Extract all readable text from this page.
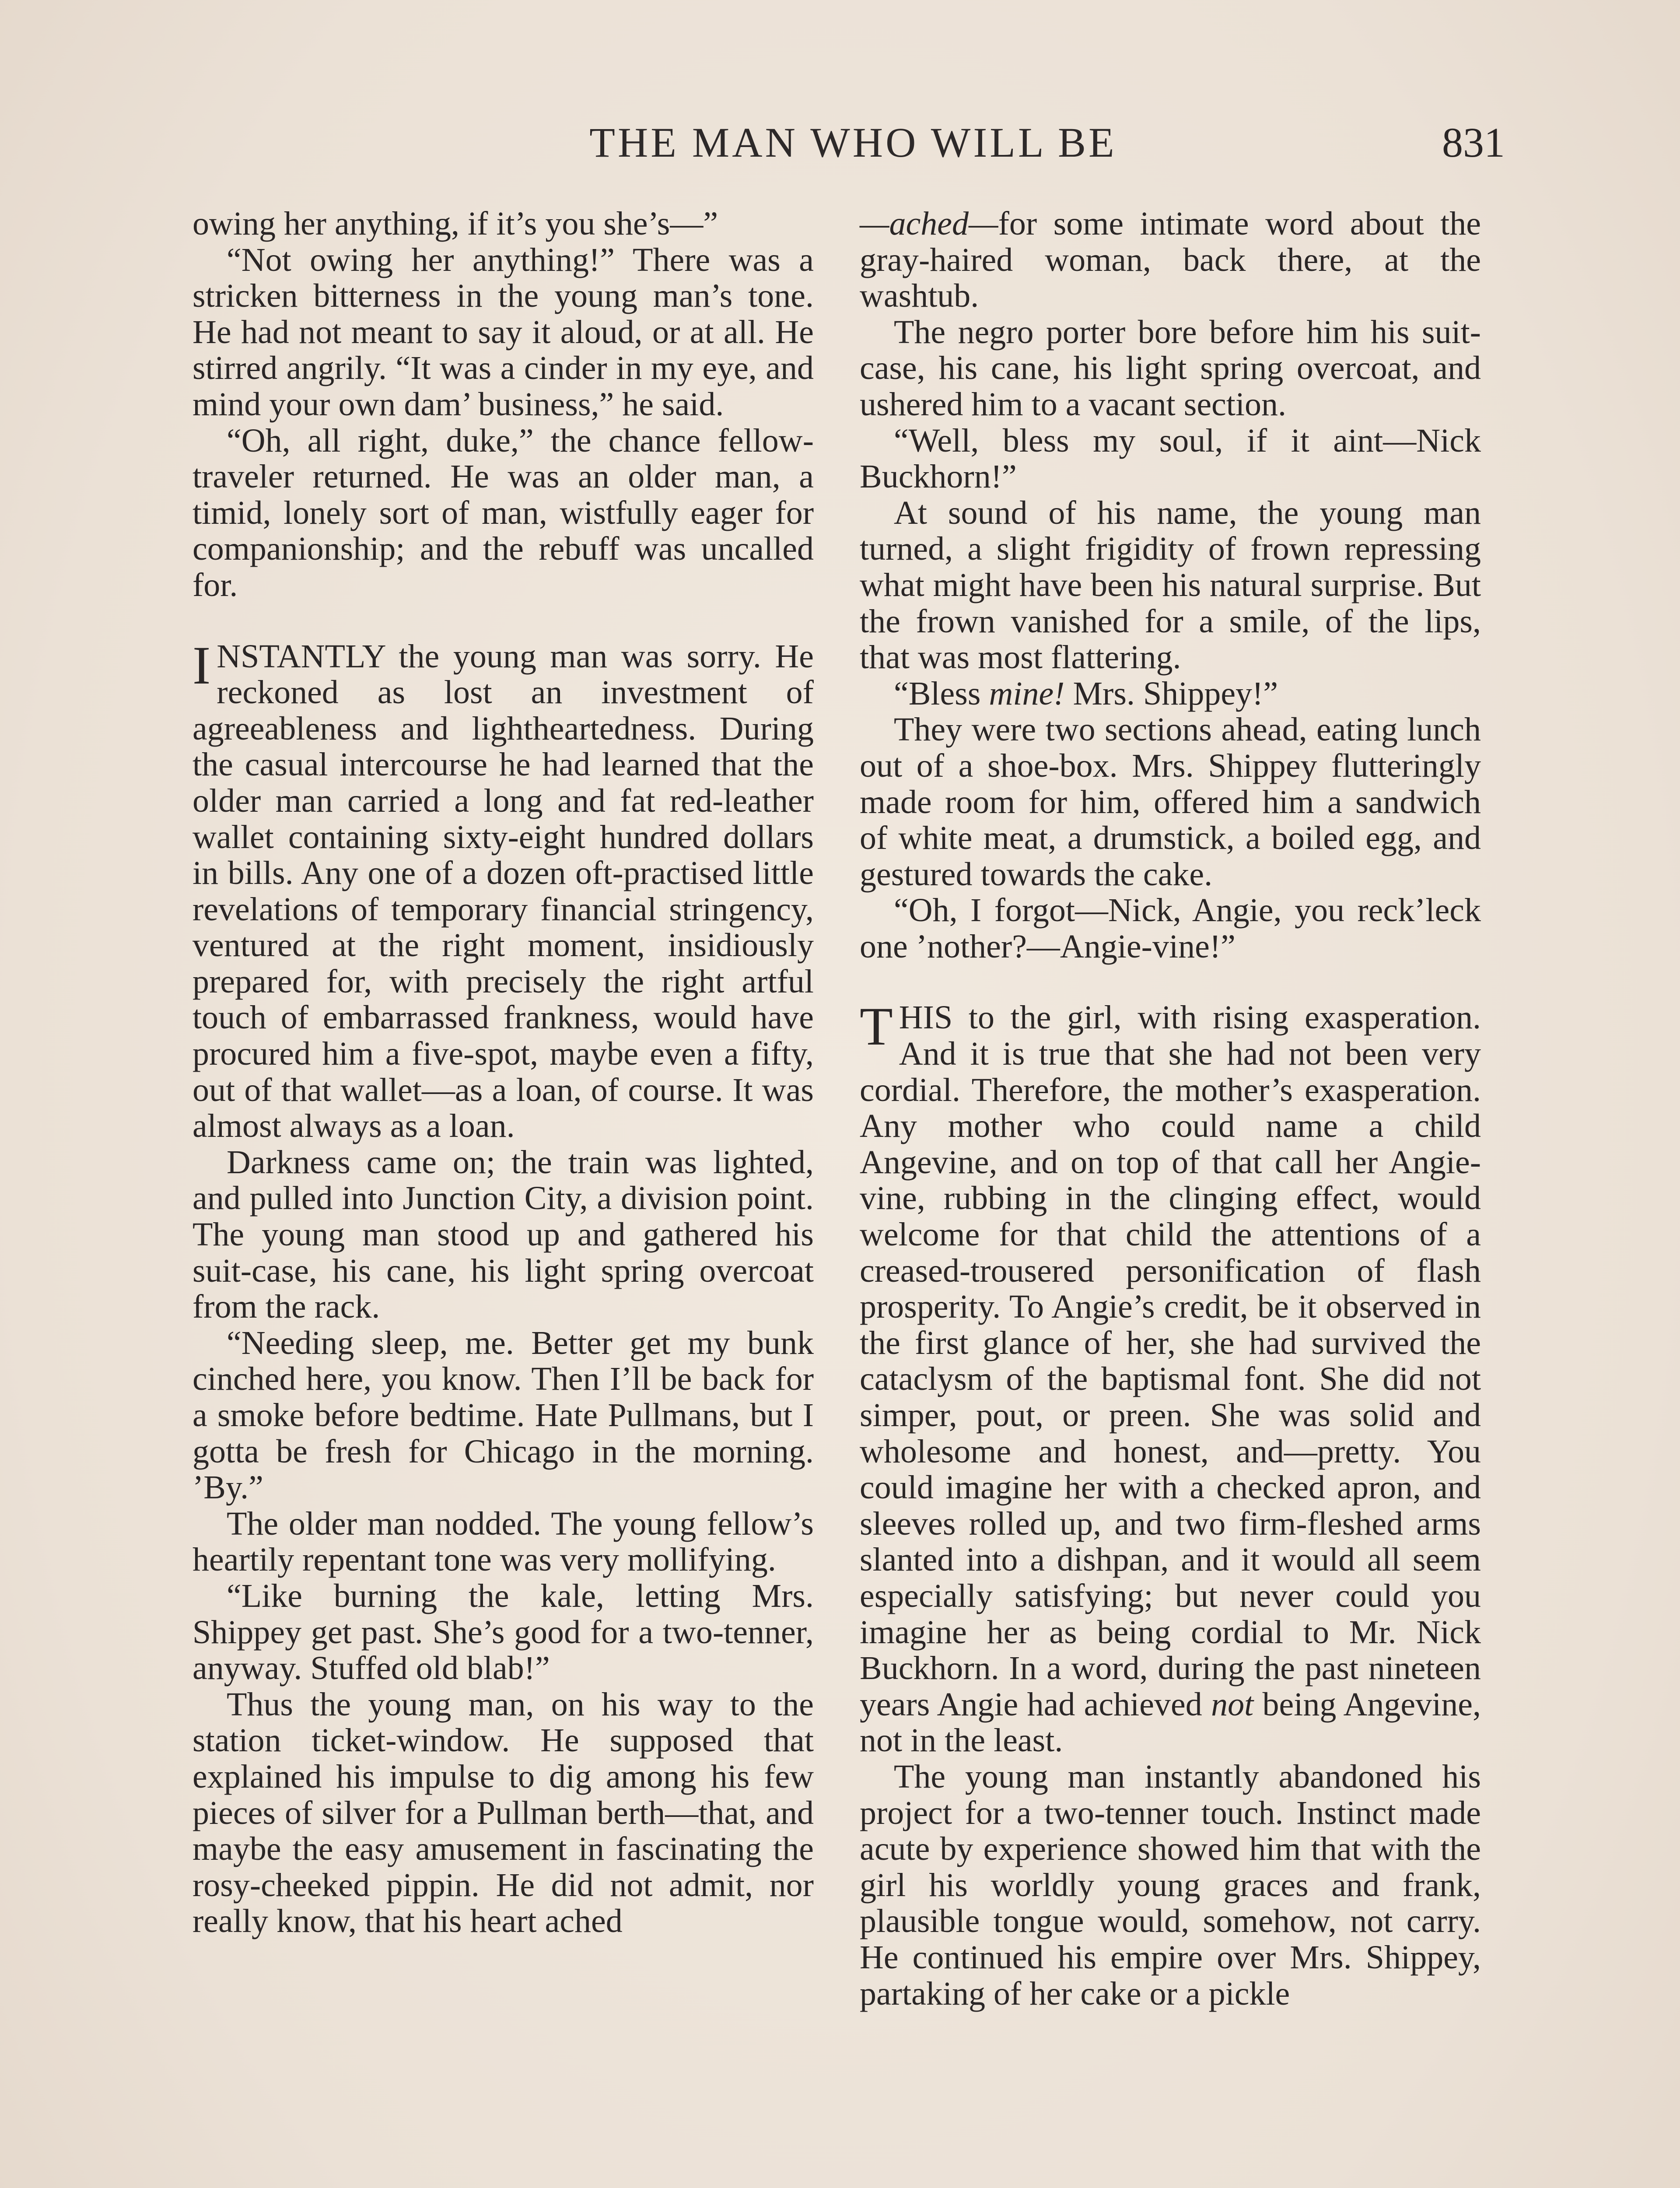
THE MAN WHO WILL BE	831

owing her anything, if it’s you she’s—”

“Not owing her anything!” There was a stricken bitterness in the young man’s tone. He had not meant to say it aloud, or at all. He stirred angrily. “It was a cinder in my eye, and mind your own dam’ business,” he said.

“Oh, all right, duke,” the chance fellow-traveler returned. He was an older man, a timid, lonely sort of man, wistfully eager for companionship; and the rebuff was uncalled for.

INSTANTLY the young man was sorry. He reckoned as lost an investment of agreeableness and lightheartedness. During the casual intercourse he had learned that the older man carried a long and fat red-leather wallet containing sixty-eight hundred dollars in bills. Any one of a dozen oft-practised little revelations of temporary financial stringency, ventured at the right moment, insidiously prepared for, with precisely the right artful touch of embarrassed frankness, would have procured him a five-spot, maybe even a fifty, out of that wallet—as a loan, of course. It was almost always as a loan.

Darkness came on; the train was lighted, and pulled into Junction City, a division point. The young man stood up and gathered his suit-case, his cane, his light spring overcoat from the rack.

“Needing sleep, me. Better get my bunk cinched here, you know. Then I’ll be back for a smoke before bedtime. Hate Pullmans, but I gotta be fresh for Chicago in the morning. ’By.”

The older man nodded. The young fellow’s heartily repentant tone was very mollifying.

“Like burning the kale, letting Mrs. Shippey get past. She’s good for a two-tenner, anyway. Stuffed old blab!”

Thus the young man, on his way to the station ticket-window. He supposed that explained his impulse to dig among his few pieces of silver for a Pullman berth—that, and maybe the easy amusement in fascinating the rosy-cheeked pippin. He did not admit, nor really know, that his heart ached

—ached—for some intimate word about the gray-haired woman, back there, at the washtub.

The negro porter bore before him his suit-case, his cane, his light spring overcoat, and ushered him to a vacant section.

“Well, bless my soul, if it aint—Nick Buckhorn!”

At sound of his name, the young man turned, a slight frigidity of frown repressing what might have been his natural surprise. But the frown vanished for a smile, of the lips, that was most flattering.

“Bless mine! Mrs. Shippey!”

They were two sections ahead, eating lunch out of a shoe-box. Mrs. Shippey flutteringly made room for him, offered him a sandwich of white meat, a drumstick, a boiled egg, and gestured towards the cake.

“Oh, I forgot—Nick, Angie, you reck’leck one ’nother?—Angie-vine!”

THIS to the girl, with rising exasperation. And it is true that she had not been very cordial. Therefore, the mother’s exasperation. Any mother who could name a child Angevine, and on top of that call her Angie-vine, rubbing in the clinging effect, would welcome for that child the attentions of a creased-trousered personification of flash prosperity. To Angie’s credit, be it observed in the first glance of her, she had survived the cataclysm of the baptismal font. She did not simper, pout, or preen. She was solid and wholesome and honest, and—pretty. You could imagine her with a checked apron, and sleeves rolled up, and two firm-fleshed arms slanted into a dishpan, and it would all seem especially satisfying; but never could you imagine her as being cordial to Mr. Nick Buckhorn. In a word, during the past nineteen years Angie had achieved not being Angevine, not in the least.

The young man instantly abandoned his project for a two-tenner touch. Instinct made acute by experience showed him that with the girl his worldly young graces and frank, plausible tongue would, somehow, not carry. He continued his empire over Mrs. Shippey, partaking of her cake or a pickle
